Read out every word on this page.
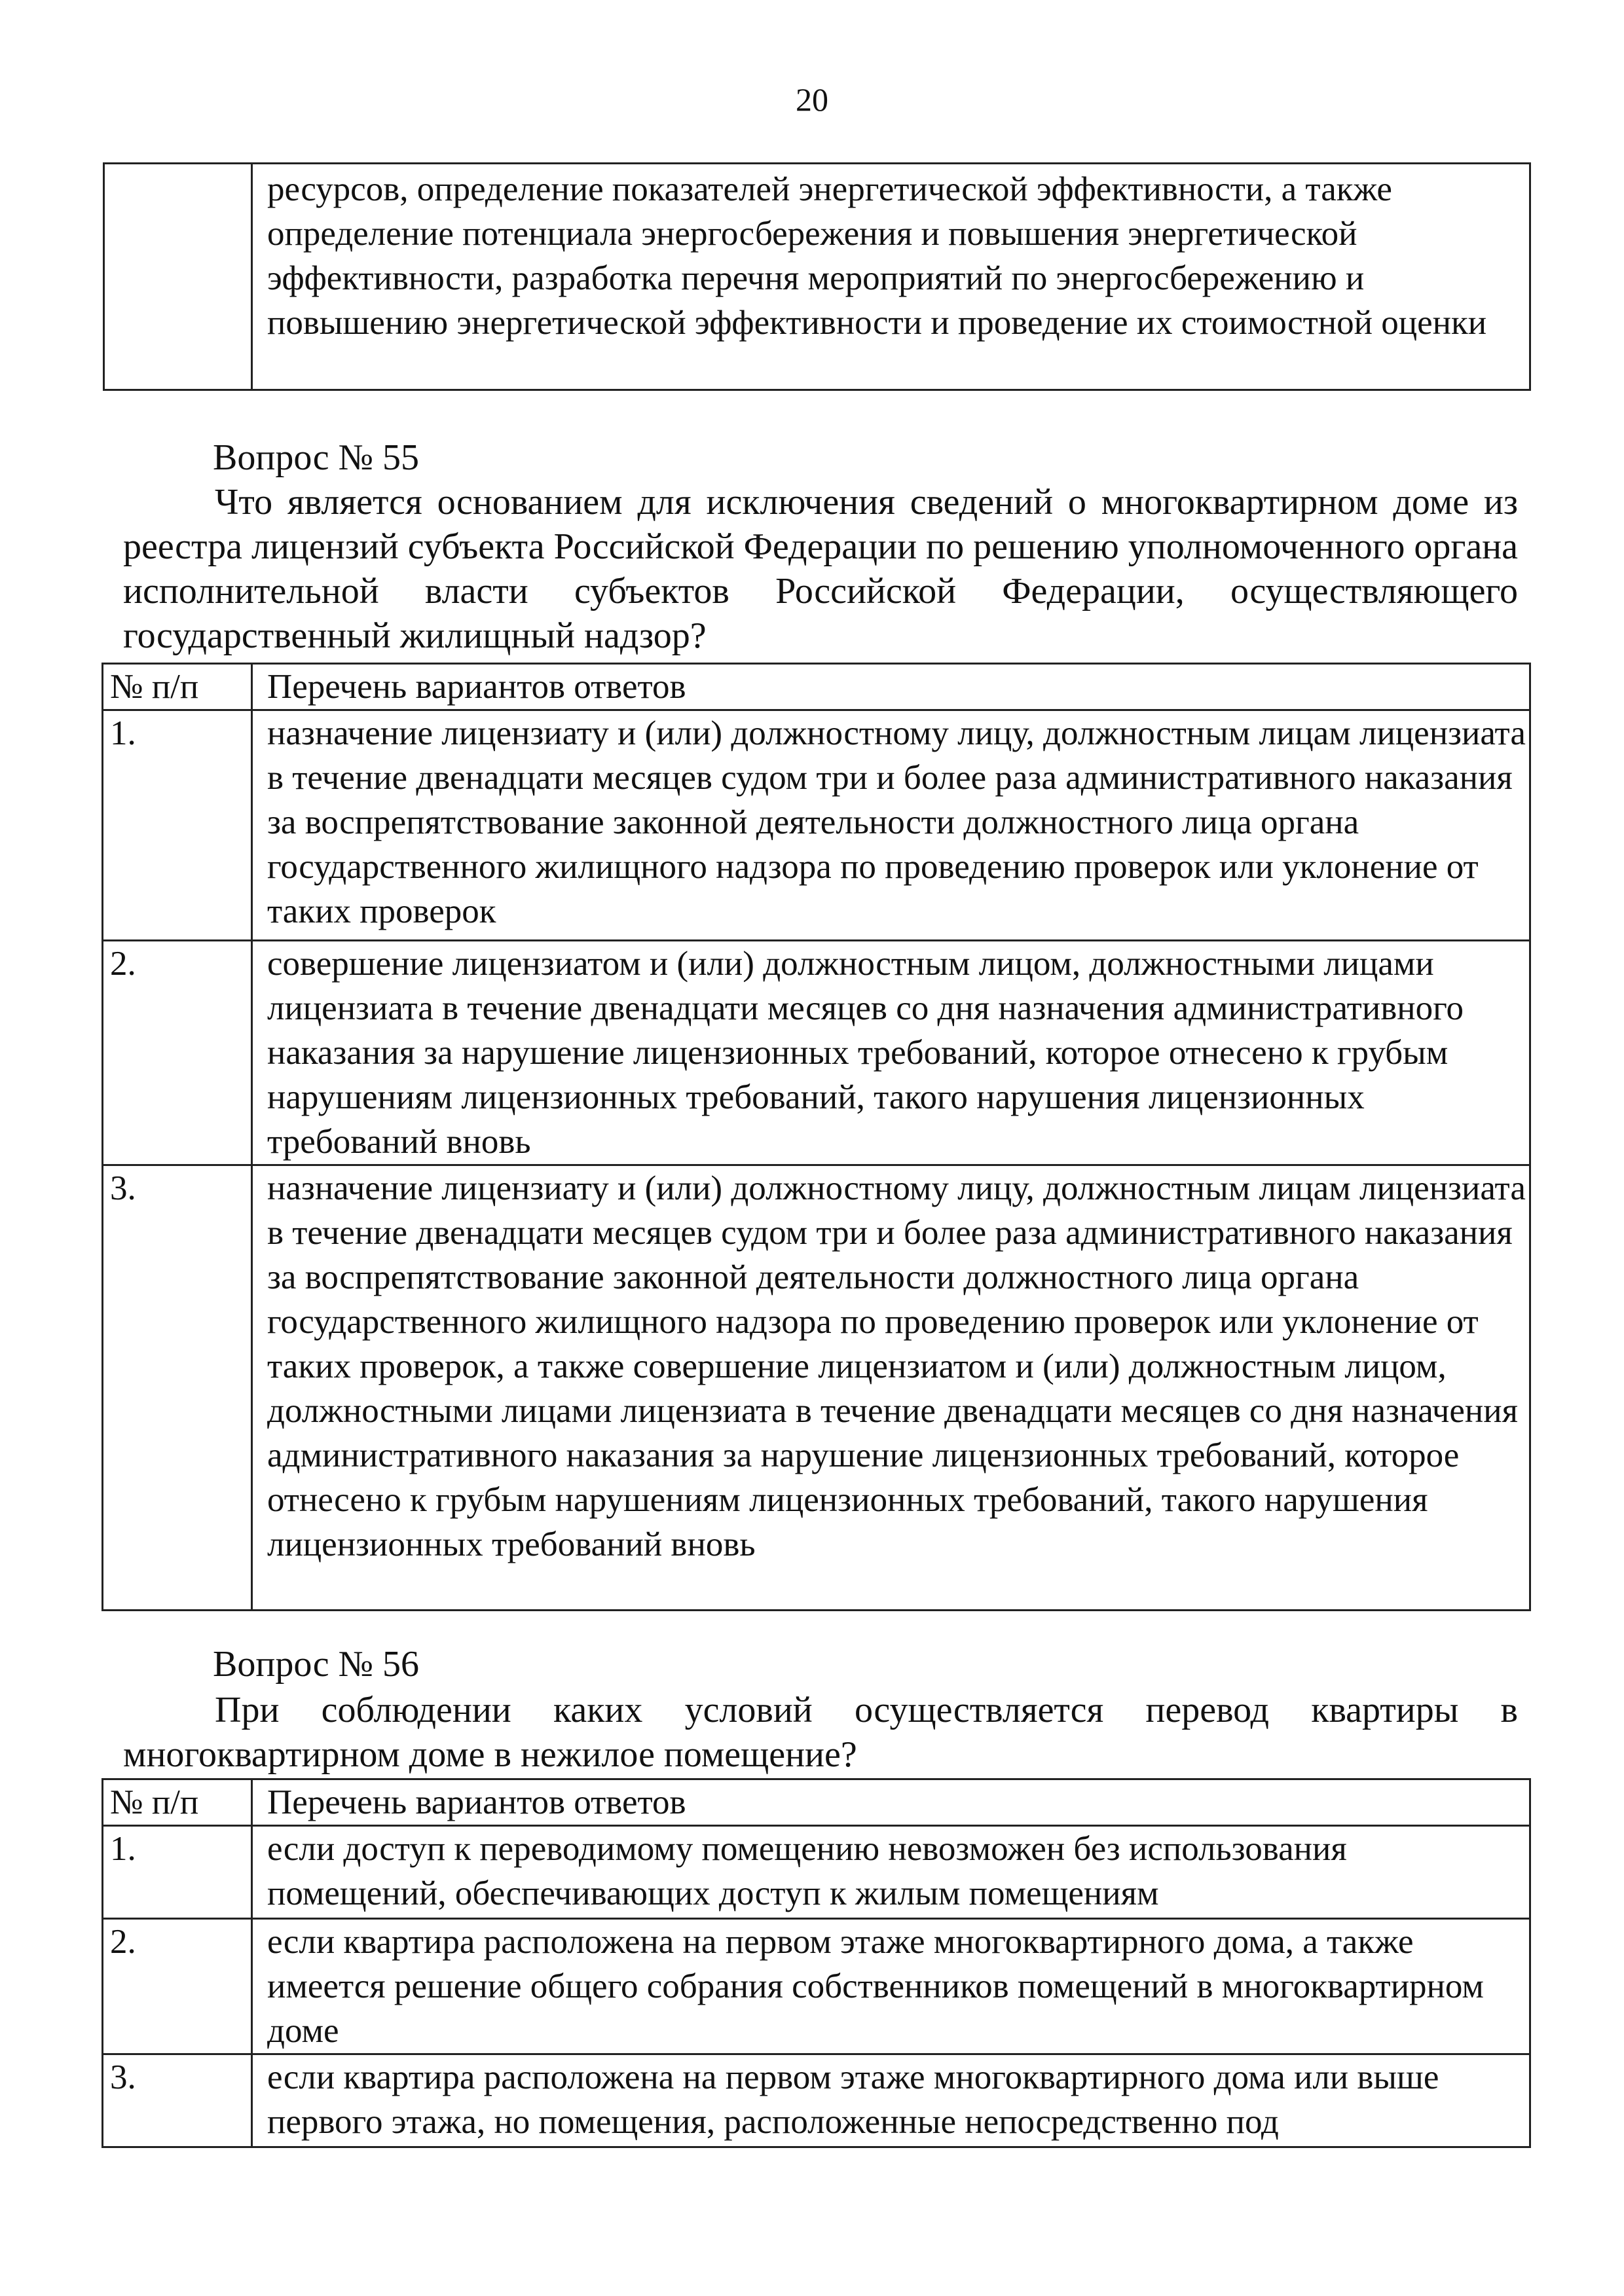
20
	ресурсов, определение показателей энергетической эффективности, а также определение потенциала энергосбережения и повышения энергетической эффективности, разработка перечня мероприятий по энергосбережению и повышению энергетической эффективности и проведение их стоимостной оценки
Вопрос № 55
Что является основанием для исключения сведений о многоквартирном доме из реестра лицензий субъекта Российской Федерации по решению уполномоченного органа исполнительной власти субъектов Российской Федерации, осуществляющего государственный жилищный надзор?
№ п/п	Перечень вариантов ответов
1.	назначение лицензиату и (или) должностному лицу, должностным лицам лицензиата в течение двенадцати месяцев судом три и более раза административного наказания за воспрепятствование законной деятельности должностного лица органа государственного жилищного надзора по проведению проверок или уклонение от таких проверок
2.	совершение лицензиатом и (или) должностным лицом, должностными лицами лицензиата в течение двенадцати месяцев со дня назначения административного наказания за нарушение лицензионных требований, которое отнесено к грубым нарушениям лицензионных требований, такого нарушения лицензионных требований вновь
3.	назначение лицензиату и (или) должностному лицу, должностным лицам лицензиата в течение двенадцати месяцев судом три и более раза административного наказания за воспрепятствование законной деятельности должностного лица органа государственного жилищного надзора по проведению проверок или уклонение от таких проверок, а также совершение лицензиатом и (или) должностным лицом, должностными лицами лицензиата в течение двенадцати месяцев со дня назначения административного наказания за нарушение лицензионных требований, которое отнесено к грубым нарушениям лицензионных требований, такого нарушения лицензионных требований вновь
Вопрос № 56
При соблюдении каких условий осуществляется перевод квартиры в многоквартирном доме в нежилое помещение?
№ п/п	Перечень вариантов ответов
1.	если доступ к переводимому помещению невозможен без использования помещений, обеспечивающих доступ к жилым помещениям
2.	если квартира расположена на первом этаже многоквартирного дома, а также имеется решение общего собрания собственников помещений в многоквартирном доме
3.	если квартира расположена на первом этаже многоквартирного дома или выше первого этажа, но помещения, расположенные непосредственно под
